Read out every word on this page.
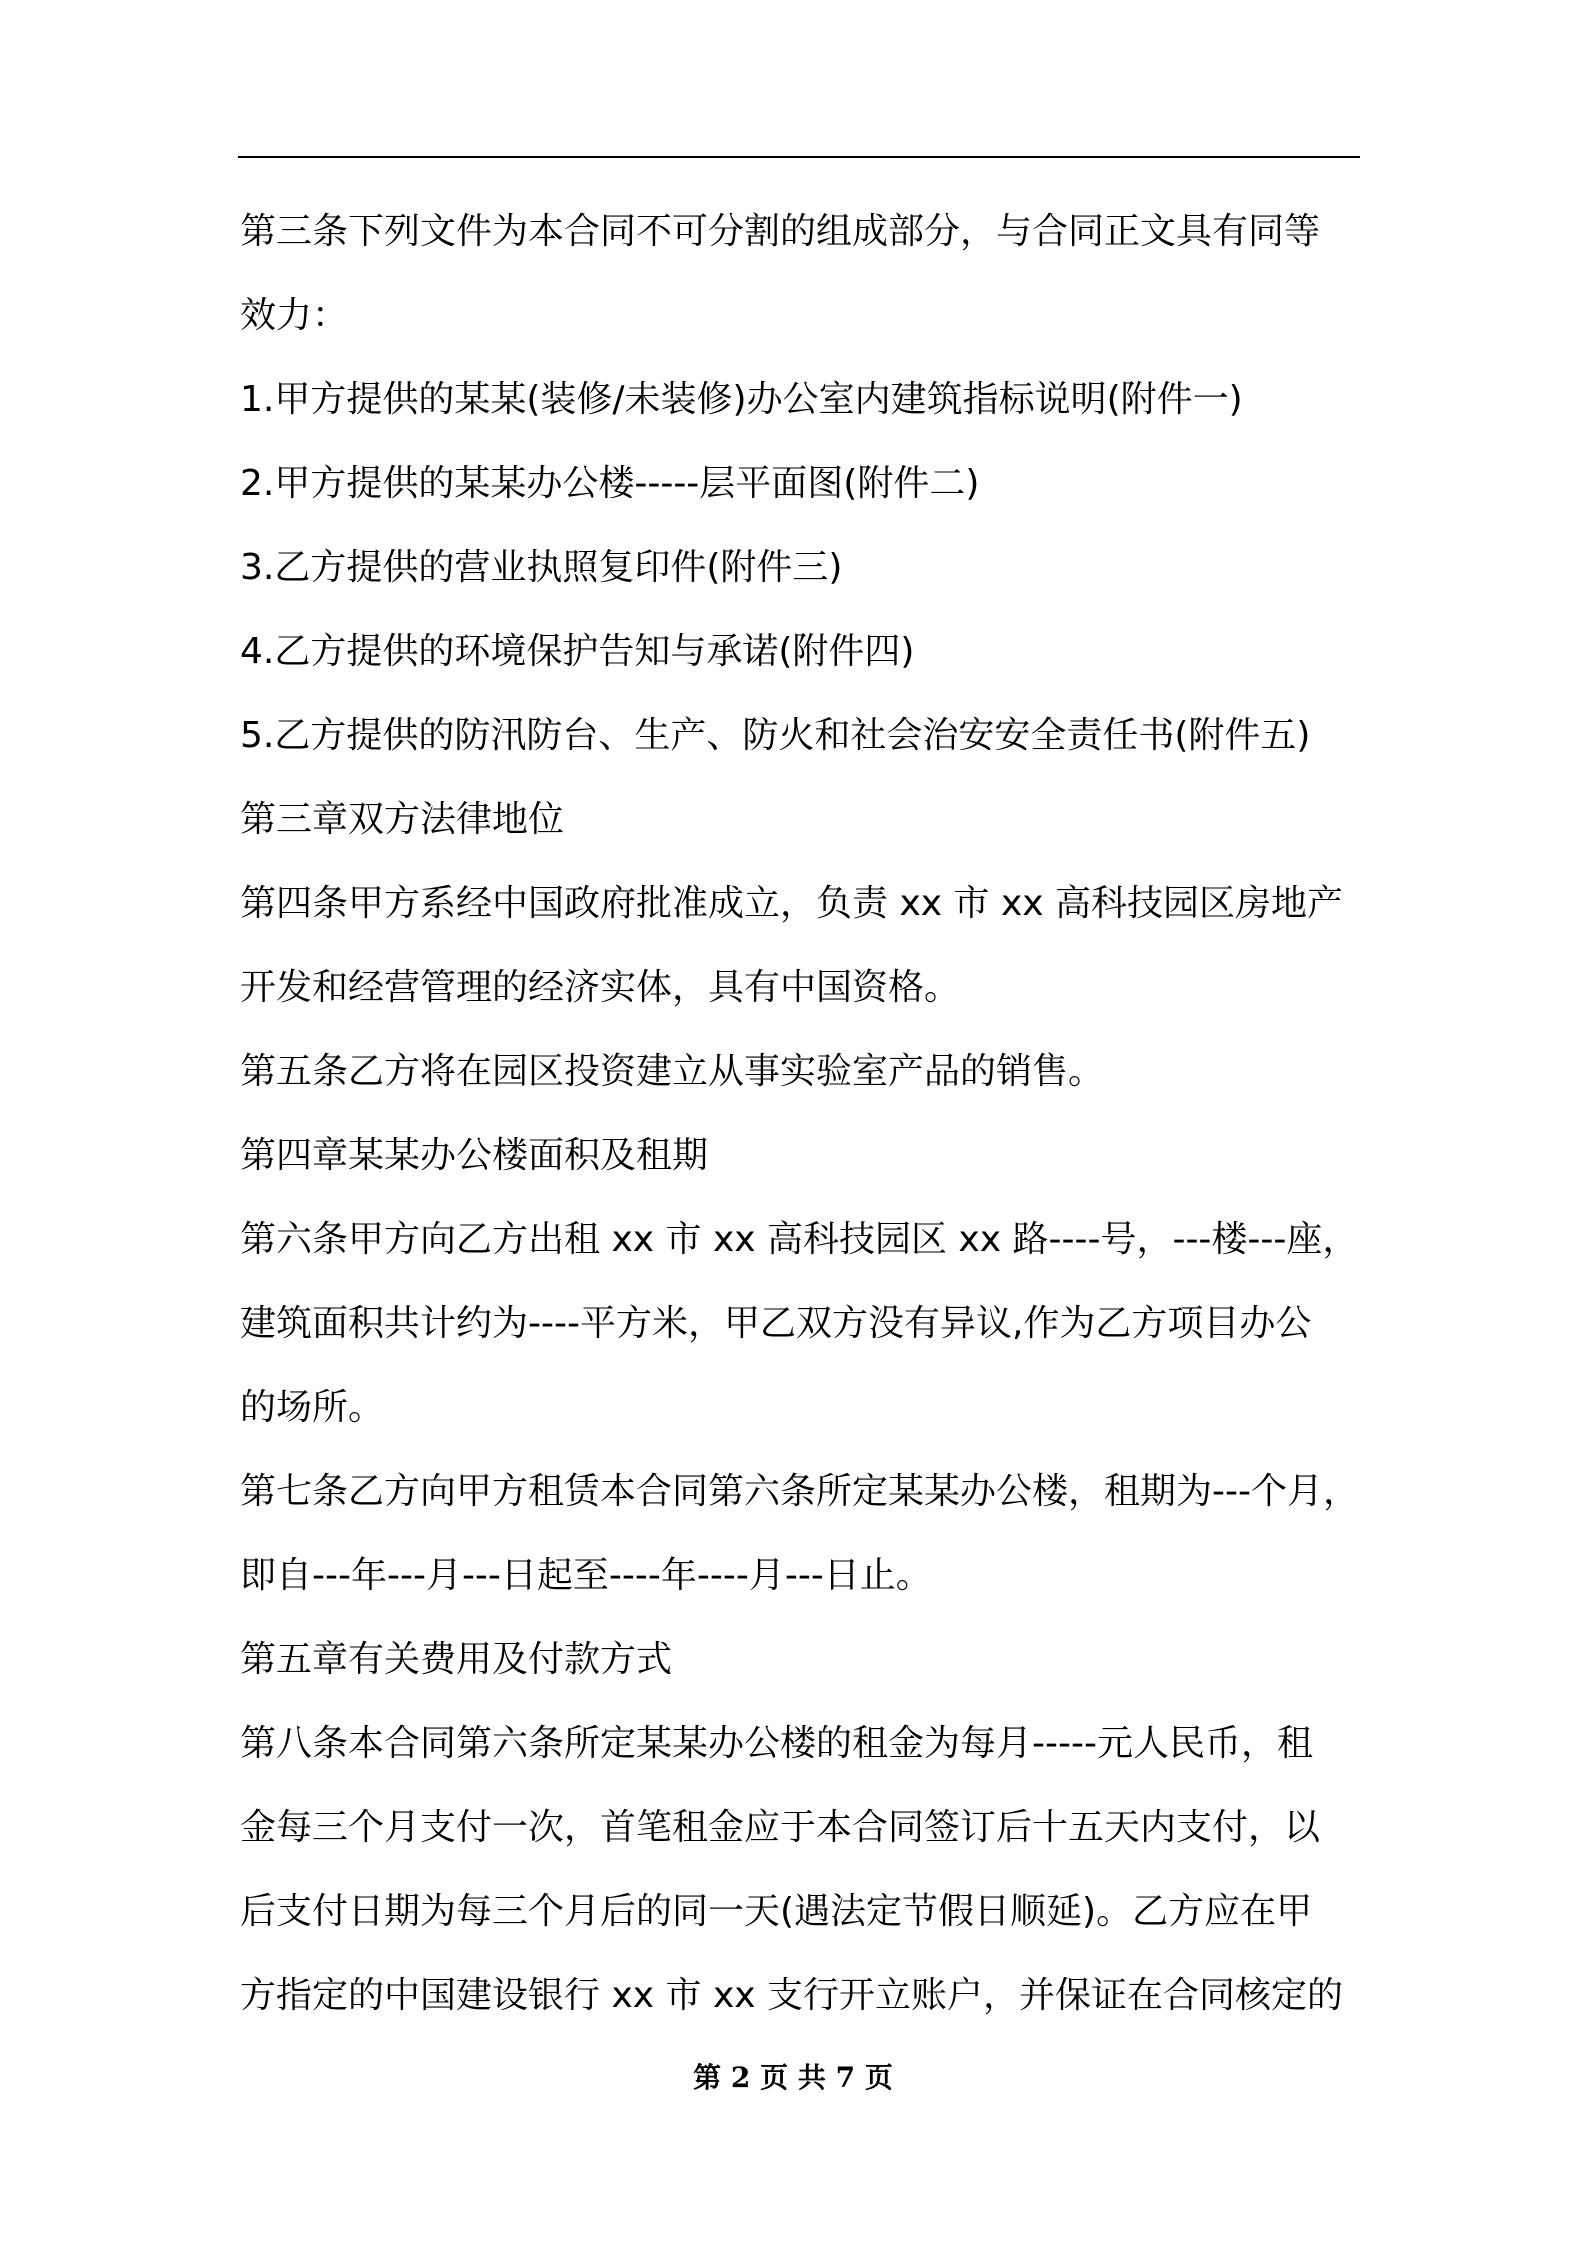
第三条下列文件为本合同不可分割的组成部分，与合同正文具有同等
效力：
1.甲方提供的某某(装修/未装修)办公室内建筑指标说明(附件一)
2.甲方提供的某某办公楼-----层平面图(附件二)
3.乙方提供的营业执照复印件(附件三)
4.乙方提供的环境保护告知与承诺(附件四)
5.乙方提供的防汛防台、生产、防火和社会治安安全责任书(附件五)
第三章双方法律地位
第四条甲方系经中国政府批准成立，负责 xx 市 xx 高科技园区房地产
开发和经营管理的经济实体，具有中国资格。
第五条乙方将在园区投资建立从事实验室产品的销售。
第四章某某办公楼面积及租期
第六条甲方向乙方出租 xx 市 xx 高科技园区 xx 路----号，---楼---座，
建筑面积共计约为----平方米，甲乙双方没有异议,作为乙方项目办公
的场所。
第七条乙方向甲方租赁本合同第六条所定某某办公楼，租期为---个月，
即自---年---月---日起至----年----月---日止。
第五章有关费用及付款方式
第八条本合同第六条所定某某办公楼的租金为每月-----元人民币，租
金每三个月支付一次，首笔租金应于本合同签订后十五天内支付，以
后支付日期为每三个月后的同一天(遇法定节假日顺延)。乙方应在甲
方指定的中国建设银行 xx 市 xx 支行开立账户，并保证在合同核定的
第 2 页 共 7 页
